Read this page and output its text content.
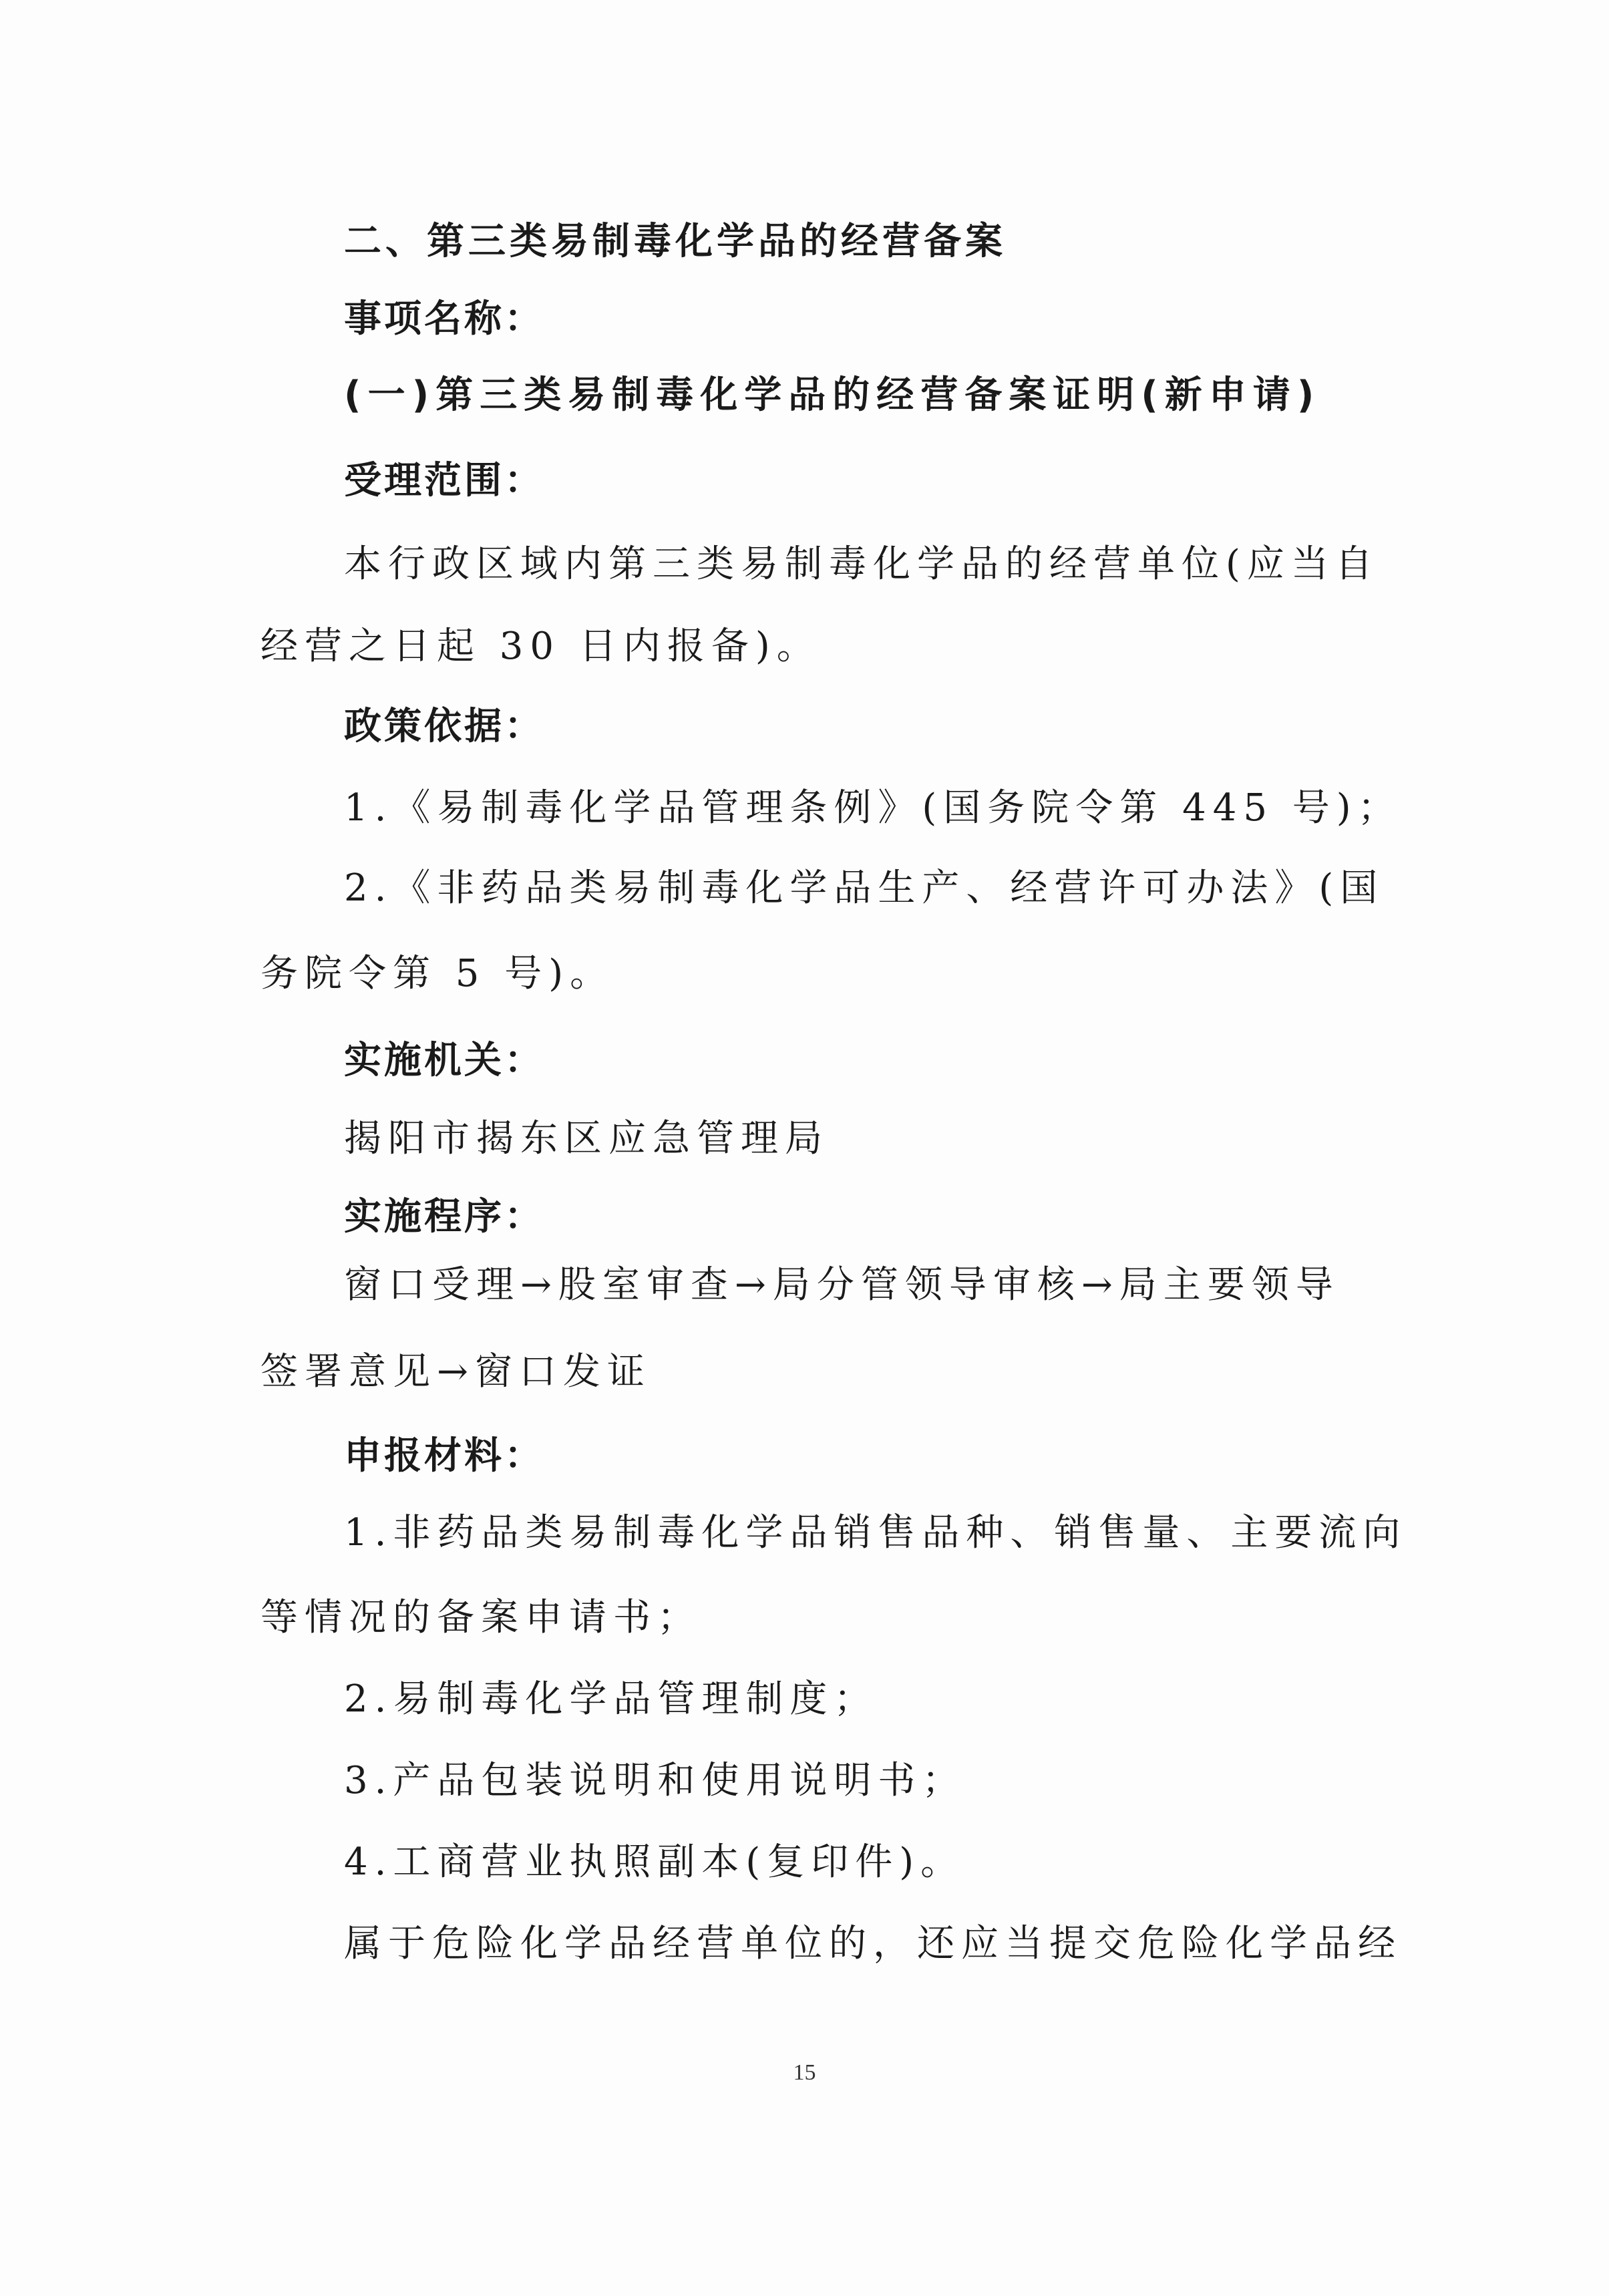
二、第三类易制毒化学品的经营备案
事项名称：
(一)第三类易制毒化学品的经营备案证明(新申请)
受理范围：
本行政区域内第三类易制毒化学品的经营单位(应当自
经营之日起 30 日内报备)。
政策依据：
1.《易制毒化学品管理条例》(国务院令第 445 号)；
2.《非药品类易制毒化学品生产、经营许可办法》(国
务院令第 5 号)。
实施机关：
揭阳市揭东区应急管理局
实施程序：
窗口受理→股室审查→局分管领导审核→局主要领导
签署意见→窗口发证
申报材料：
1.非药品类易制毒化学品销售品种、销售量、主要流向
等情况的备案申请书；
2.易制毒化学品管理制度；
3.产品包装说明和使用说明书；
4.工商营业执照副本(复印件)。
属于危险化学品经营单位的，还应当提交危险化学品经
15
